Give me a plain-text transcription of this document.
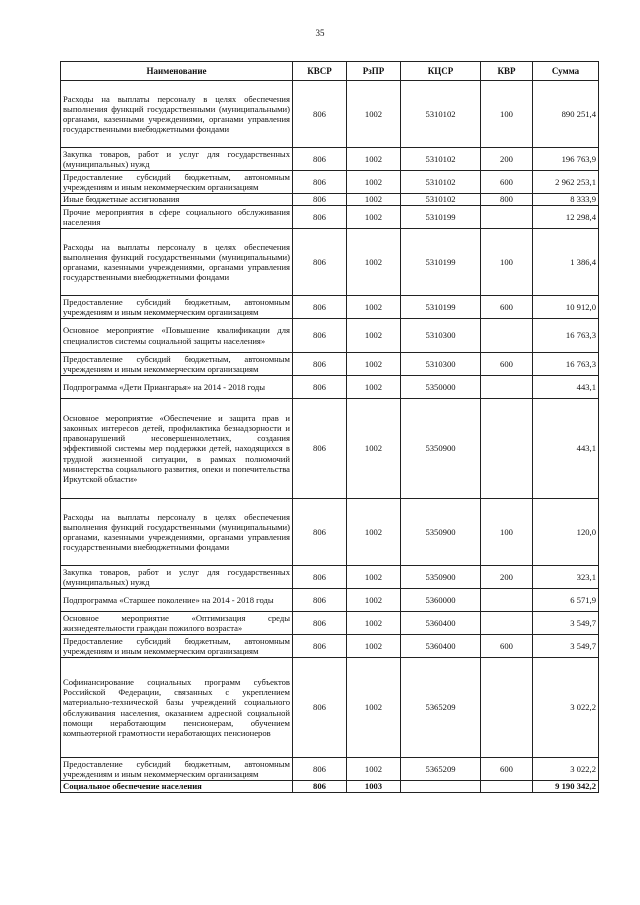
35
Наименование	КВСР	РзПР	КЦСР	КВР	Сумма
Расходы на выплаты персоналу в целях обеспечения выполнения функций государственными (муниципальными) органами, казенными учреждениями, органами управления государственными внебюджетными фондами	806	1002	5310102	100	890 251,4
Закупка товаров, работ и услуг для государственных (муниципальных) нужд	806	1002	5310102	200	196 763,9
Предоставление субсидий бюджетным, автономным учреждениям и иным некоммерческим организациям	806	1002	5310102	600	2 962 253,1
Иные бюджетные ассигнования	806	1002	5310102	800	8 333,9
Прочие мероприятия в сфере социального обслуживания населения	806	1002	5310199		12 298,4
Расходы на выплаты персоналу в целях обеспечения выполнения функций государственными (муниципальными) органами, казенными учреждениями, органами управления государственными внебюджетными фондами	806	1002	5310199	100	1 386,4
Предоставление субсидий бюджетным, автономным учреждениям и иным некоммерческим организациям	806	1002	5310199	600	10 912,0
Основное мероприятие «Повышение квалификации для специалистов системы социальной защиты населения»	806	1002	5310300		16 763,3
Предоставление субсидий бюджетным, автономным учреждениям и иным некоммерческим организациям	806	1002	5310300	600	16 763,3
Подпрограмма «Дети Приангарья» на 2014 - 2018 годы	806	1002	5350000		443,1
Основное мероприятие «Обеспечение и защита прав и законных интересов детей, профилактика безнадзорности и правонарушений несовершеннолетних, создания эффективной системы мер поддержки детей, находящихся в трудной жизненной ситуации, в рамках полномочий министерства социального развития, опеки и попечительства Иркутской области»	806	1002	5350900		443,1
Расходы на выплаты персоналу в целях обеспечения выполнения функций государственными (муниципальными) органами, казенными учреждениями, органами управления государственными внебюджетными фондами	806	1002	5350900	100	120,0
Закупка товаров, работ и услуг для государственных (муниципальных) нужд	806	1002	5350900	200	323,1
Подпрограмма «Старшее поколение» на 2014 - 2018 годы	806	1002	5360000		6 571,9
Основное мероприятие «Оптимизация среды жизнедеятельности граждан пожилого возраста»	806	1002	5360400		3 549,7
Предоставление субсидий бюджетным, автономным учреждениям и иным некоммерческим организациям	806	1002	5360400	600	3 549,7
Софинансирование социальных программ субъектов Российской Федерации, связанных с укреплением материально-технической базы учреждений социального обслуживания населения, оказанием адресной социальной помощи неработающим пенсионерам, обучением компьютерной грамотности неработающих пенсионеров	806	1002	5365209		3 022,2
Предоставление субсидий бюджетным, автономным учреждениям и иным некоммерческим организациям	806	1002	5365209	600	3 022,2
Социальное обеспечение населения	806	1003			9 190 342,2
